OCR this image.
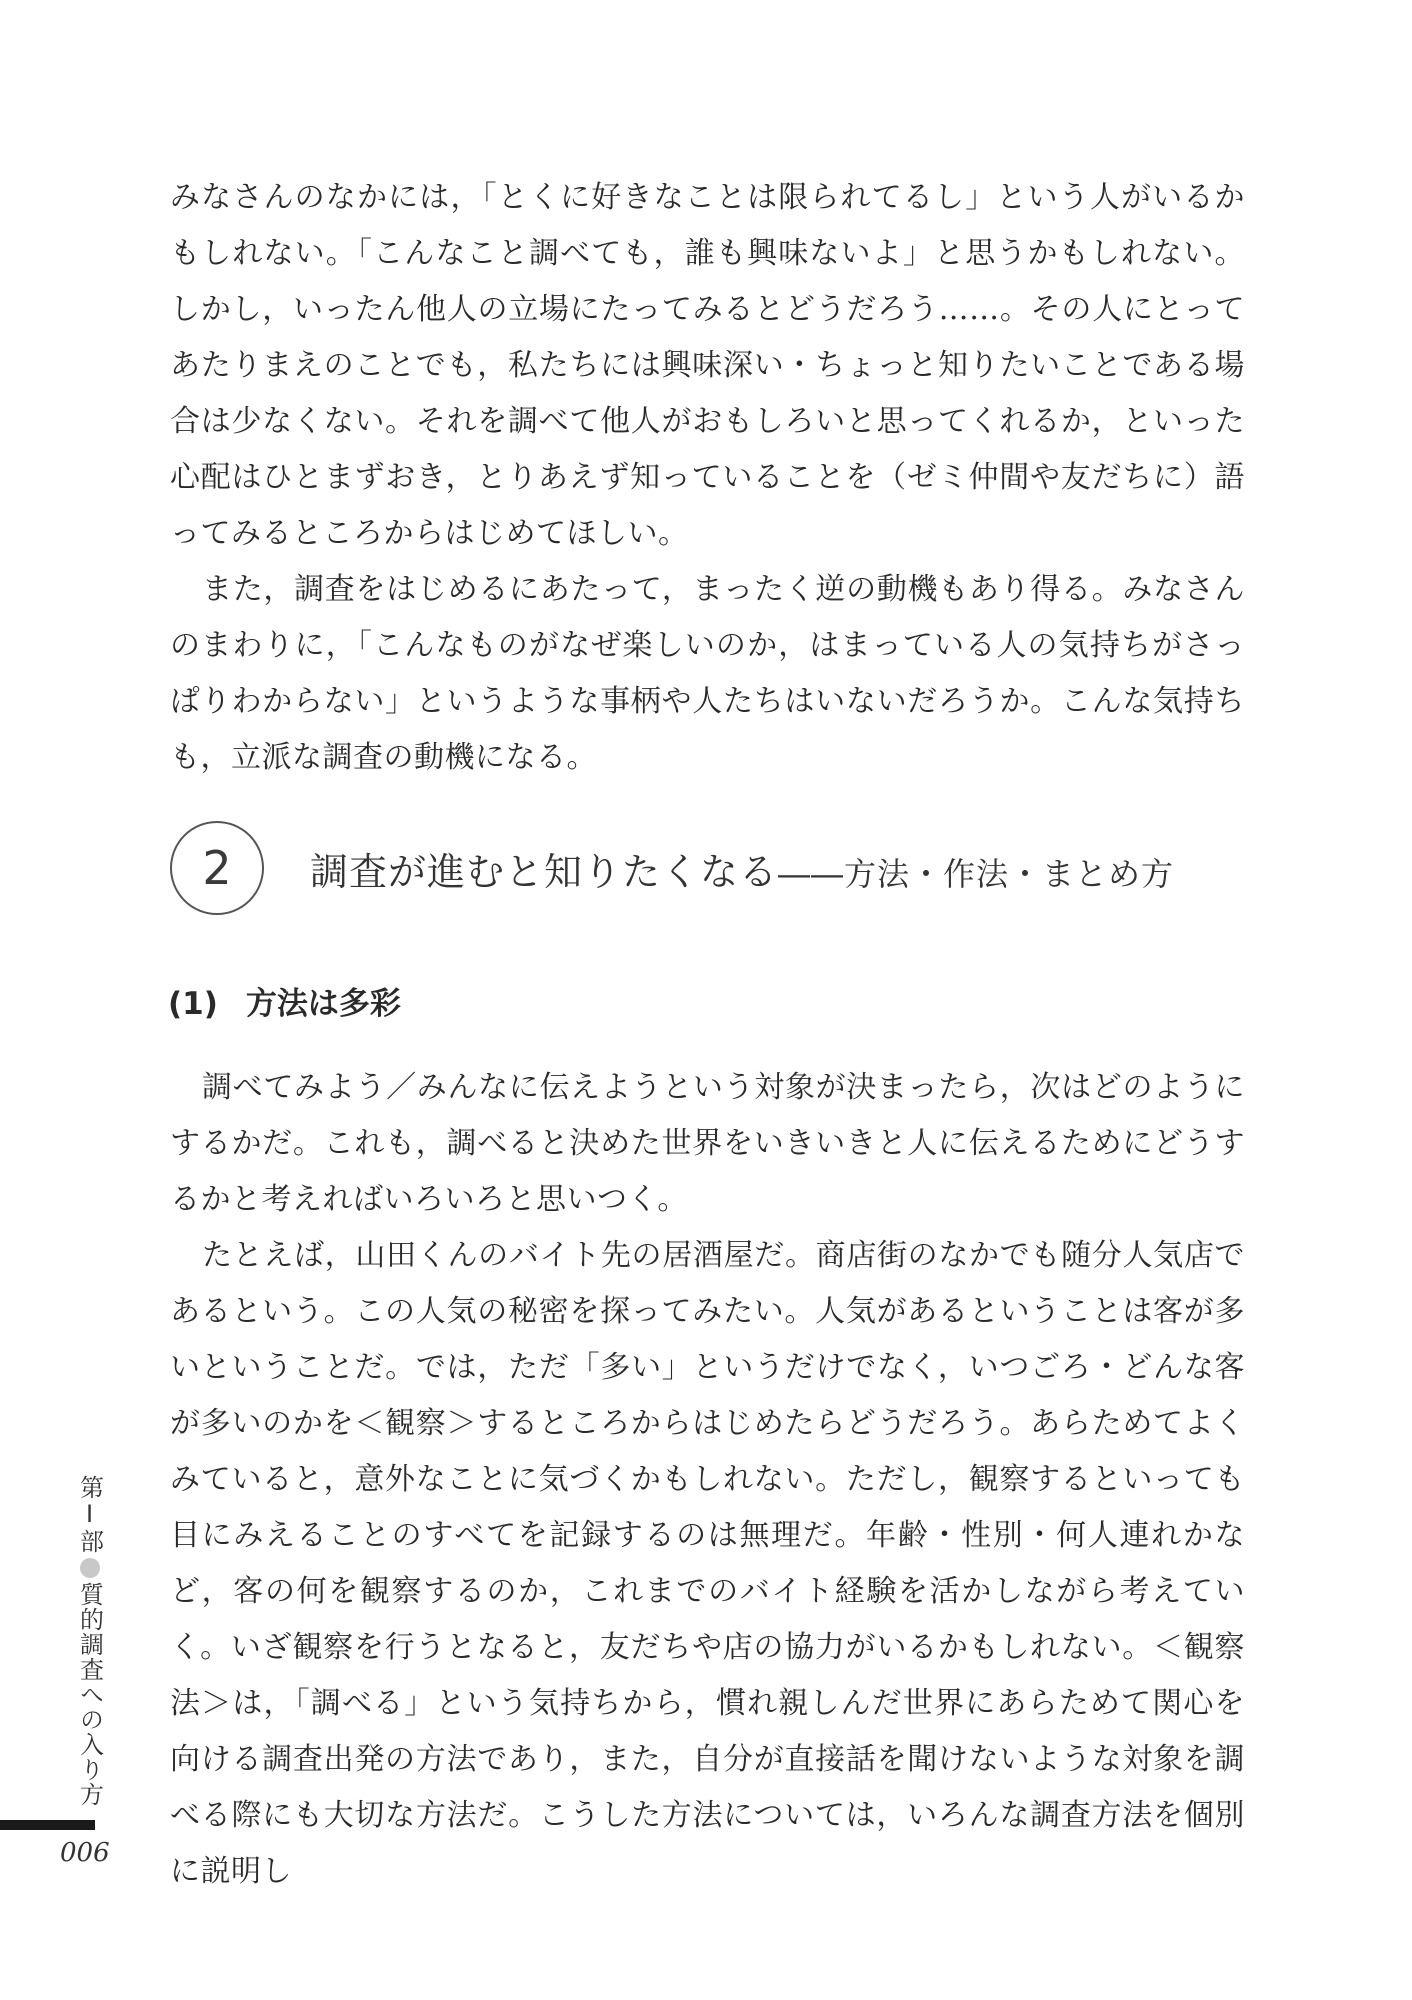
みなさんのなかには，「とくに好きなことは限られてるし」という人がいるかもしれない。「こんなこと調べても，誰も興味ないよ」と思うかもしれない。しかし，いったん他人の立場にたってみるとどうだろう……。その人にとってあたりまえのことでも，私たちには興味深い・ちょっと知りたいことである場合は少なくない。それを調べて他人がおもしろいと思ってくれるか，といった心配はひとまずおき，とりあえず知っていることを（ゼミ仲間や友だちに）語ってみるところからはじめてほしい。

また，調査をはじめるにあたって，まったく逆の動機もあり得る。みなさんのまわりに，「こんなものがなぜ楽しいのか，はまっている人の気持ちがさっぱりわからない」というような事柄や人たちはいないだろうか。こんな気持ちも，立派な調査の動機になる。

2 調査が進むと知りたくなる――方法・作法・まとめ方
(1) 方法は多彩

調べてみよう／みんなに伝えようという対象が決まったら，次はどのようにするかだ。これも，調べると決めた世界をいきいきと人に伝えるためにどうするかと考えればいろいろと思いつく。

たとえば，山田くんのバイト先の居酒屋だ。商店街のなかでも随分人気店であるという。この人気の秘密を探ってみたい。人気があるということは客が多いということだ。では，ただ「多い」というだけでなく，いつごろ・どんな客が多いのかを＜観察＞するところからはじめたらどうだろう。あらためてよくみていると，意外なことに気づくかもしれない。ただし，観察するといっても目にみえることのすべてを記録するのは無理だ。年齢・性別・何人連れかなど，客の何を観察するのか，これまでのバイト経験を活かしながら考えていく。いざ観察を行うとなると，友だちや店の協力がいるかもしれない。＜観察法＞は，「調べる」という気持ちから，慣れ親しんだ世界にあらためて関心を向ける調査出発の方法であり，また，自分が直接話を聞けないような対象を調べる際にも大切な方法だ。こうした方法については，いろんな調査方法を個別に説明し

第Ⅰ部
質的調査への入り方
006
